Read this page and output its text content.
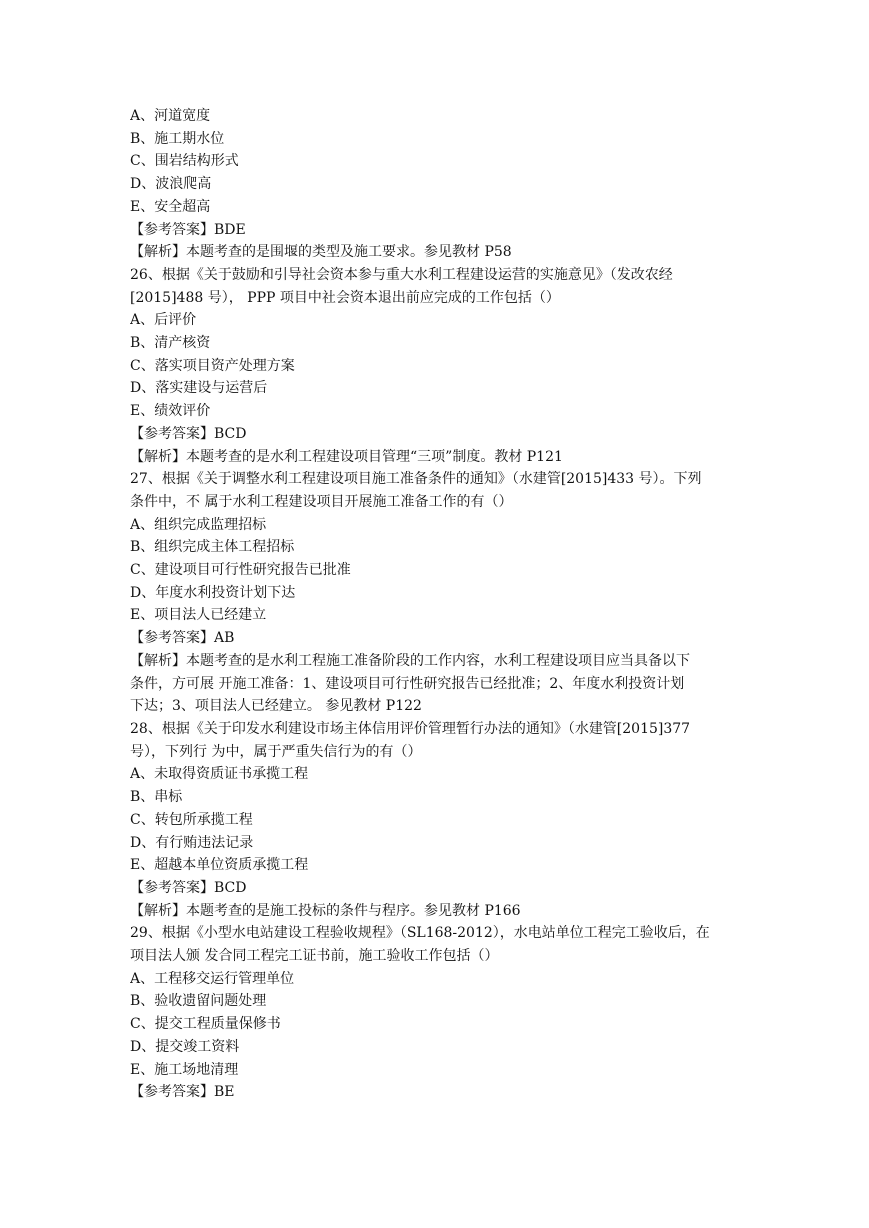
A、河道宽度
B、施工期水位
C、围岩结构形式
D、波浪爬高
E、安全超高
【参考答案】BDE
【解析】本题考查的是围堰的类型及施工要求。参见教材 P58
26、根据《关于鼓励和引导社会资本参与重大水利工程建设运营的实施意见》（发改农经
[2015]488 号）， PPP 项目中社会资本退出前应完成的工作包括（）
A、后评价
B、清产核资
C、落实项目资产处理方案
D、落实建设与运营后
E、绩效评价
【参考答案】BCD
【解析】本题考查的是水利工程建设项目管理“三项”制度。教材 P121
27、根据《关于调整水利工程建设项目施工准备条件的通知》（水建管[2015]433 号）。下列
条件中，不 属于水利工程建设项目开展施工准备工作的有（）
A、组织完成监理招标
B、组织完成主体工程招标
C、建设项目可行性研究报告已批准
D、年度水利投资计划下达
E、项目法人已经建立
【参考答案】AB
【解析】本题考查的是水利工程施工准备阶段的工作内容，水利工程建设项目应当具备以下
条件，方可展 开施工准备：1、建设项目可行性研究报告已经批准；2、年度水利投资计划
下达；3、项目法人已经建立。 参见教材 P122
28、根据《关于印发水利建设市场主体信用评价管理暂行办法的通知》（水建管[2015]377
号），下列行 为中，属于严重失信行为的有（）
A、未取得资质证书承揽工程
B、串标
C、转包所承揽工程
D、有行贿违法记录
E、超越本单位资质承揽工程
【参考答案】BCD
【解析】本题考查的是施工投标的条件与程序。参见教材 P166
29、根据《小型水电站建设工程验收规程》（SL168-2012），水电站单位工程完工验收后，在
项目法人颁 发合同工程完工证书前，施工验收工作包括（）
A、工程移交运行管理单位
B、验收遗留问题处理
C、提交工程质量保修书
D、提交竣工资料
E、施工场地清理
【参考答案】BE
